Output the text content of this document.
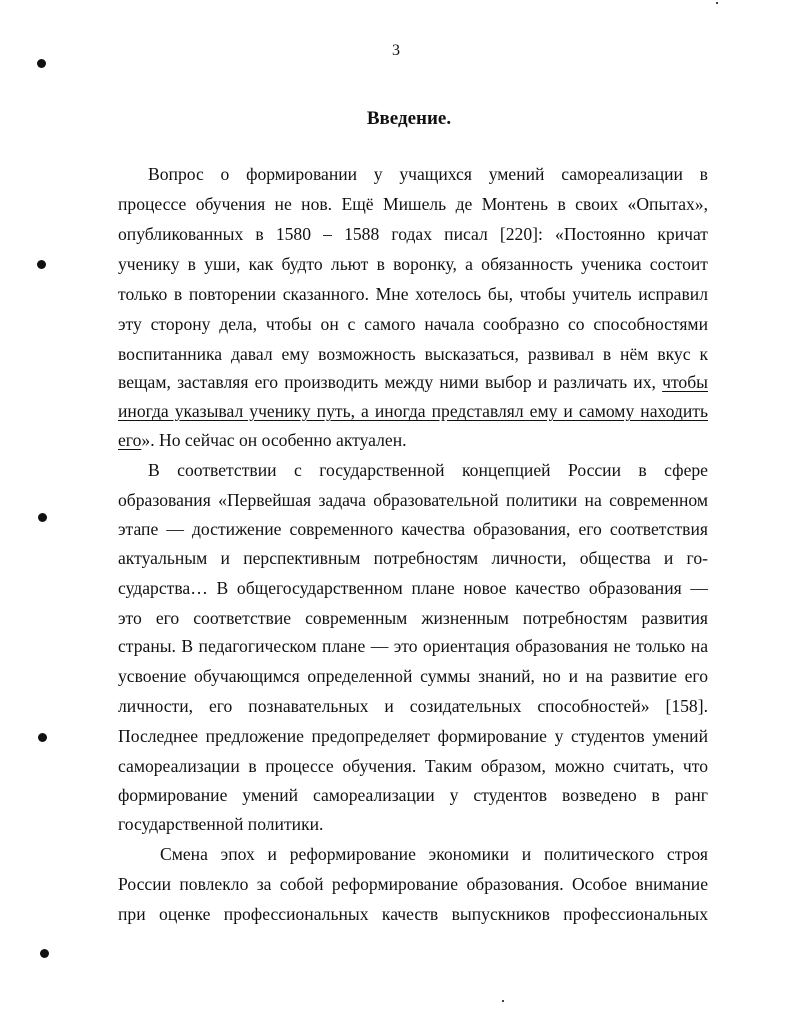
3
Введение.
Вопрос о формировании у учащихся умений самореализации в
процессе обучения не нов. Ещё Мишель де Монтень в своих «Опытах»,
опубликованных в 1580 – 1588 годах писал [220]: «Постоянно кричат
ученику в уши, как будто льют в воронку, а обязанность ученика состоит
только в повторении сказанного. Мне хотелось бы, чтобы учитель исправил
эту сторону дела, чтобы он с самого начала сообразно со способностями
воспитанника давал ему возможность высказаться, развивал в нём вкус к
вещам, заставляя его производить между ними выбор и различать их, чтобы
иногда указывал ученику путь, а иногда представлял ему и самому находить
его». Но сейчас он особенно актуален.
В соответствии с государственной концепцией России в сфере
образования «Первейшая задача образовательной политики на современном
этапе — достижение современного качества образования, его соответствия
актуальным и перспективным потребностям личности, общества и го-
сударства… В общегосударственном плане новое качество образования —
это его соответствие современным жизненным потребностям развития
страны. В педагогическом плане — это ориентация образования не только на
усвоение обучающимся определенной суммы знаний, но и на развитие его
личности, его познавательных и созидательных способностей» [158].
Последнее предложение предопределяет формирование у студентов умений
самореализации в процессе обучения. Таким образом, можно считать, что
формирование умений самореализации у студентов возведено в ранг
государственной политики.
Смена эпох и реформирование экономики и политического строя
России повлекло за собой реформирование образования. Особое внимание
при оценке профессиональных качеств выпускников профессиональных
